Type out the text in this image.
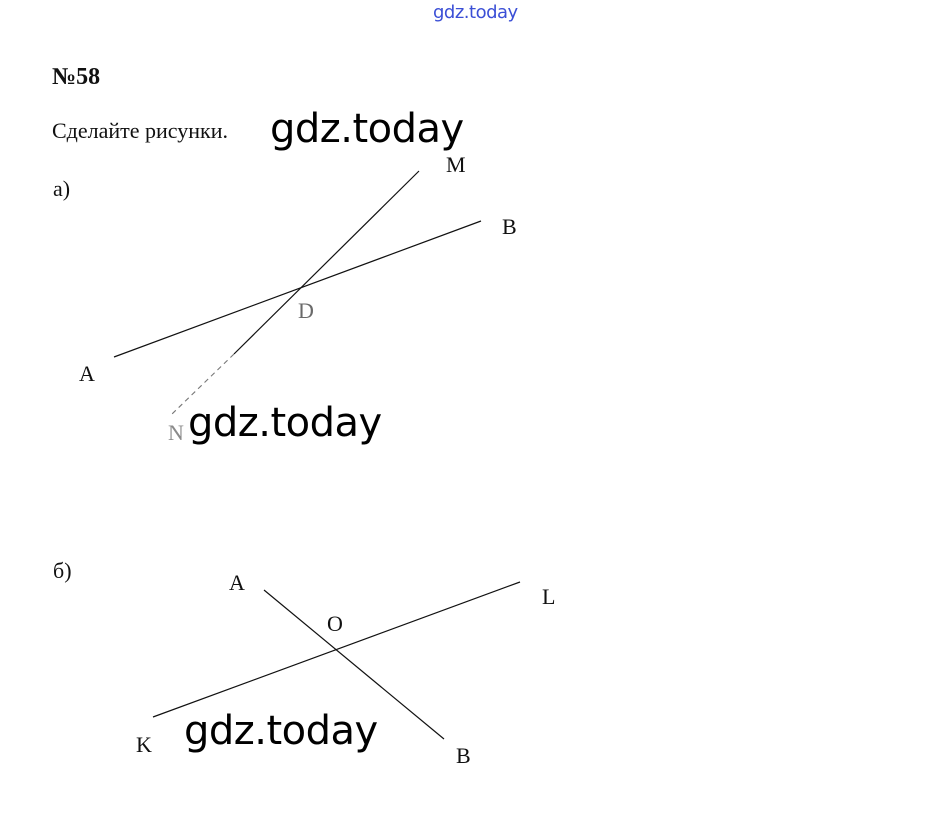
gdz.today
№58
Сделайте рисунки. gdz.today
gdz.today
gdz.today
а)
M
B
D
A
N
б)	A
L
O
K	B
